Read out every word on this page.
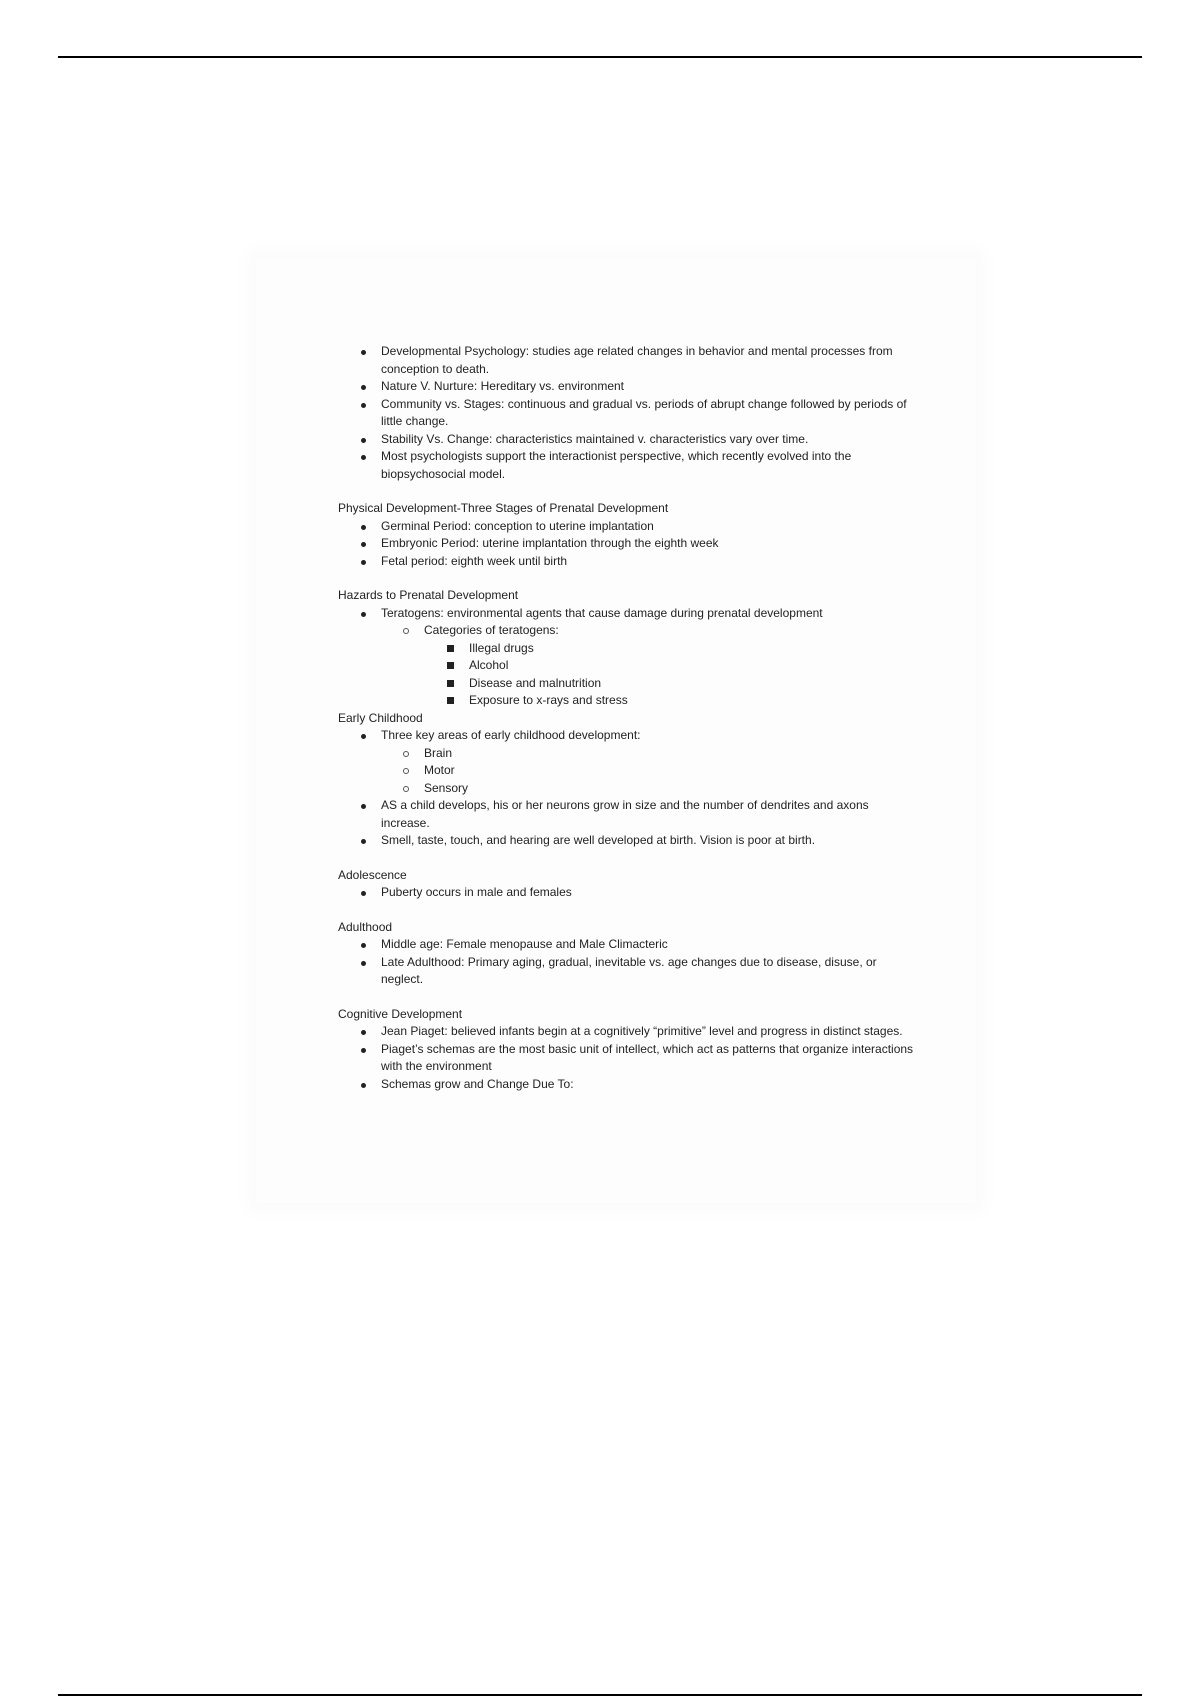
Developmental Psychology: studies age related changes in behavior and mental processes from conception to death.
Nature V. Nurture: Hereditary vs. environment
Community vs. Stages: continuous and gradual vs. periods of abrupt change followed by periods of little change.
Stability Vs. Change: characteristics maintained v. characteristics vary over time.
Most psychologists support the interactionist perspective, which recently evolved into the biopsychosocial model.

Physical Development-Three Stages of Prenatal Development

Germinal Period: conception to uterine implantation
Embryonic Period: uterine implantation through the eighth week
Fetal period: eighth week until birth

Hazards to Prenatal Development

Teratogens: environmental agents that cause damage during prenatal development
Categories of teratogens:
Illegal drugs
Alcohol
Disease and malnutrition
Exposure to x-rays and stress

Early Childhood

Three key areas of early childhood development:
Brain
Motor
Sensory
AS a child develops, his or her neurons grow in size and the number of dendrites and axons increase.
Smell, taste, touch, and hearing are well developed at birth. Vision is poor at birth.

Adolescence

Puberty occurs in male and females

Adulthood

Middle age: Female menopause and Male Climacteric
Late Adulthood: Primary aging, gradual, inevitable vs. age changes due to disease, disuse, or neglect.

Cognitive Development

Jean Piaget: believed infants begin at a cognitively “primitive” level and progress in distinct stages.
Piaget’s schemas are the most basic unit of intellect, which act as patterns that organize interactions with the environment
Schemas grow and Change Due To:
